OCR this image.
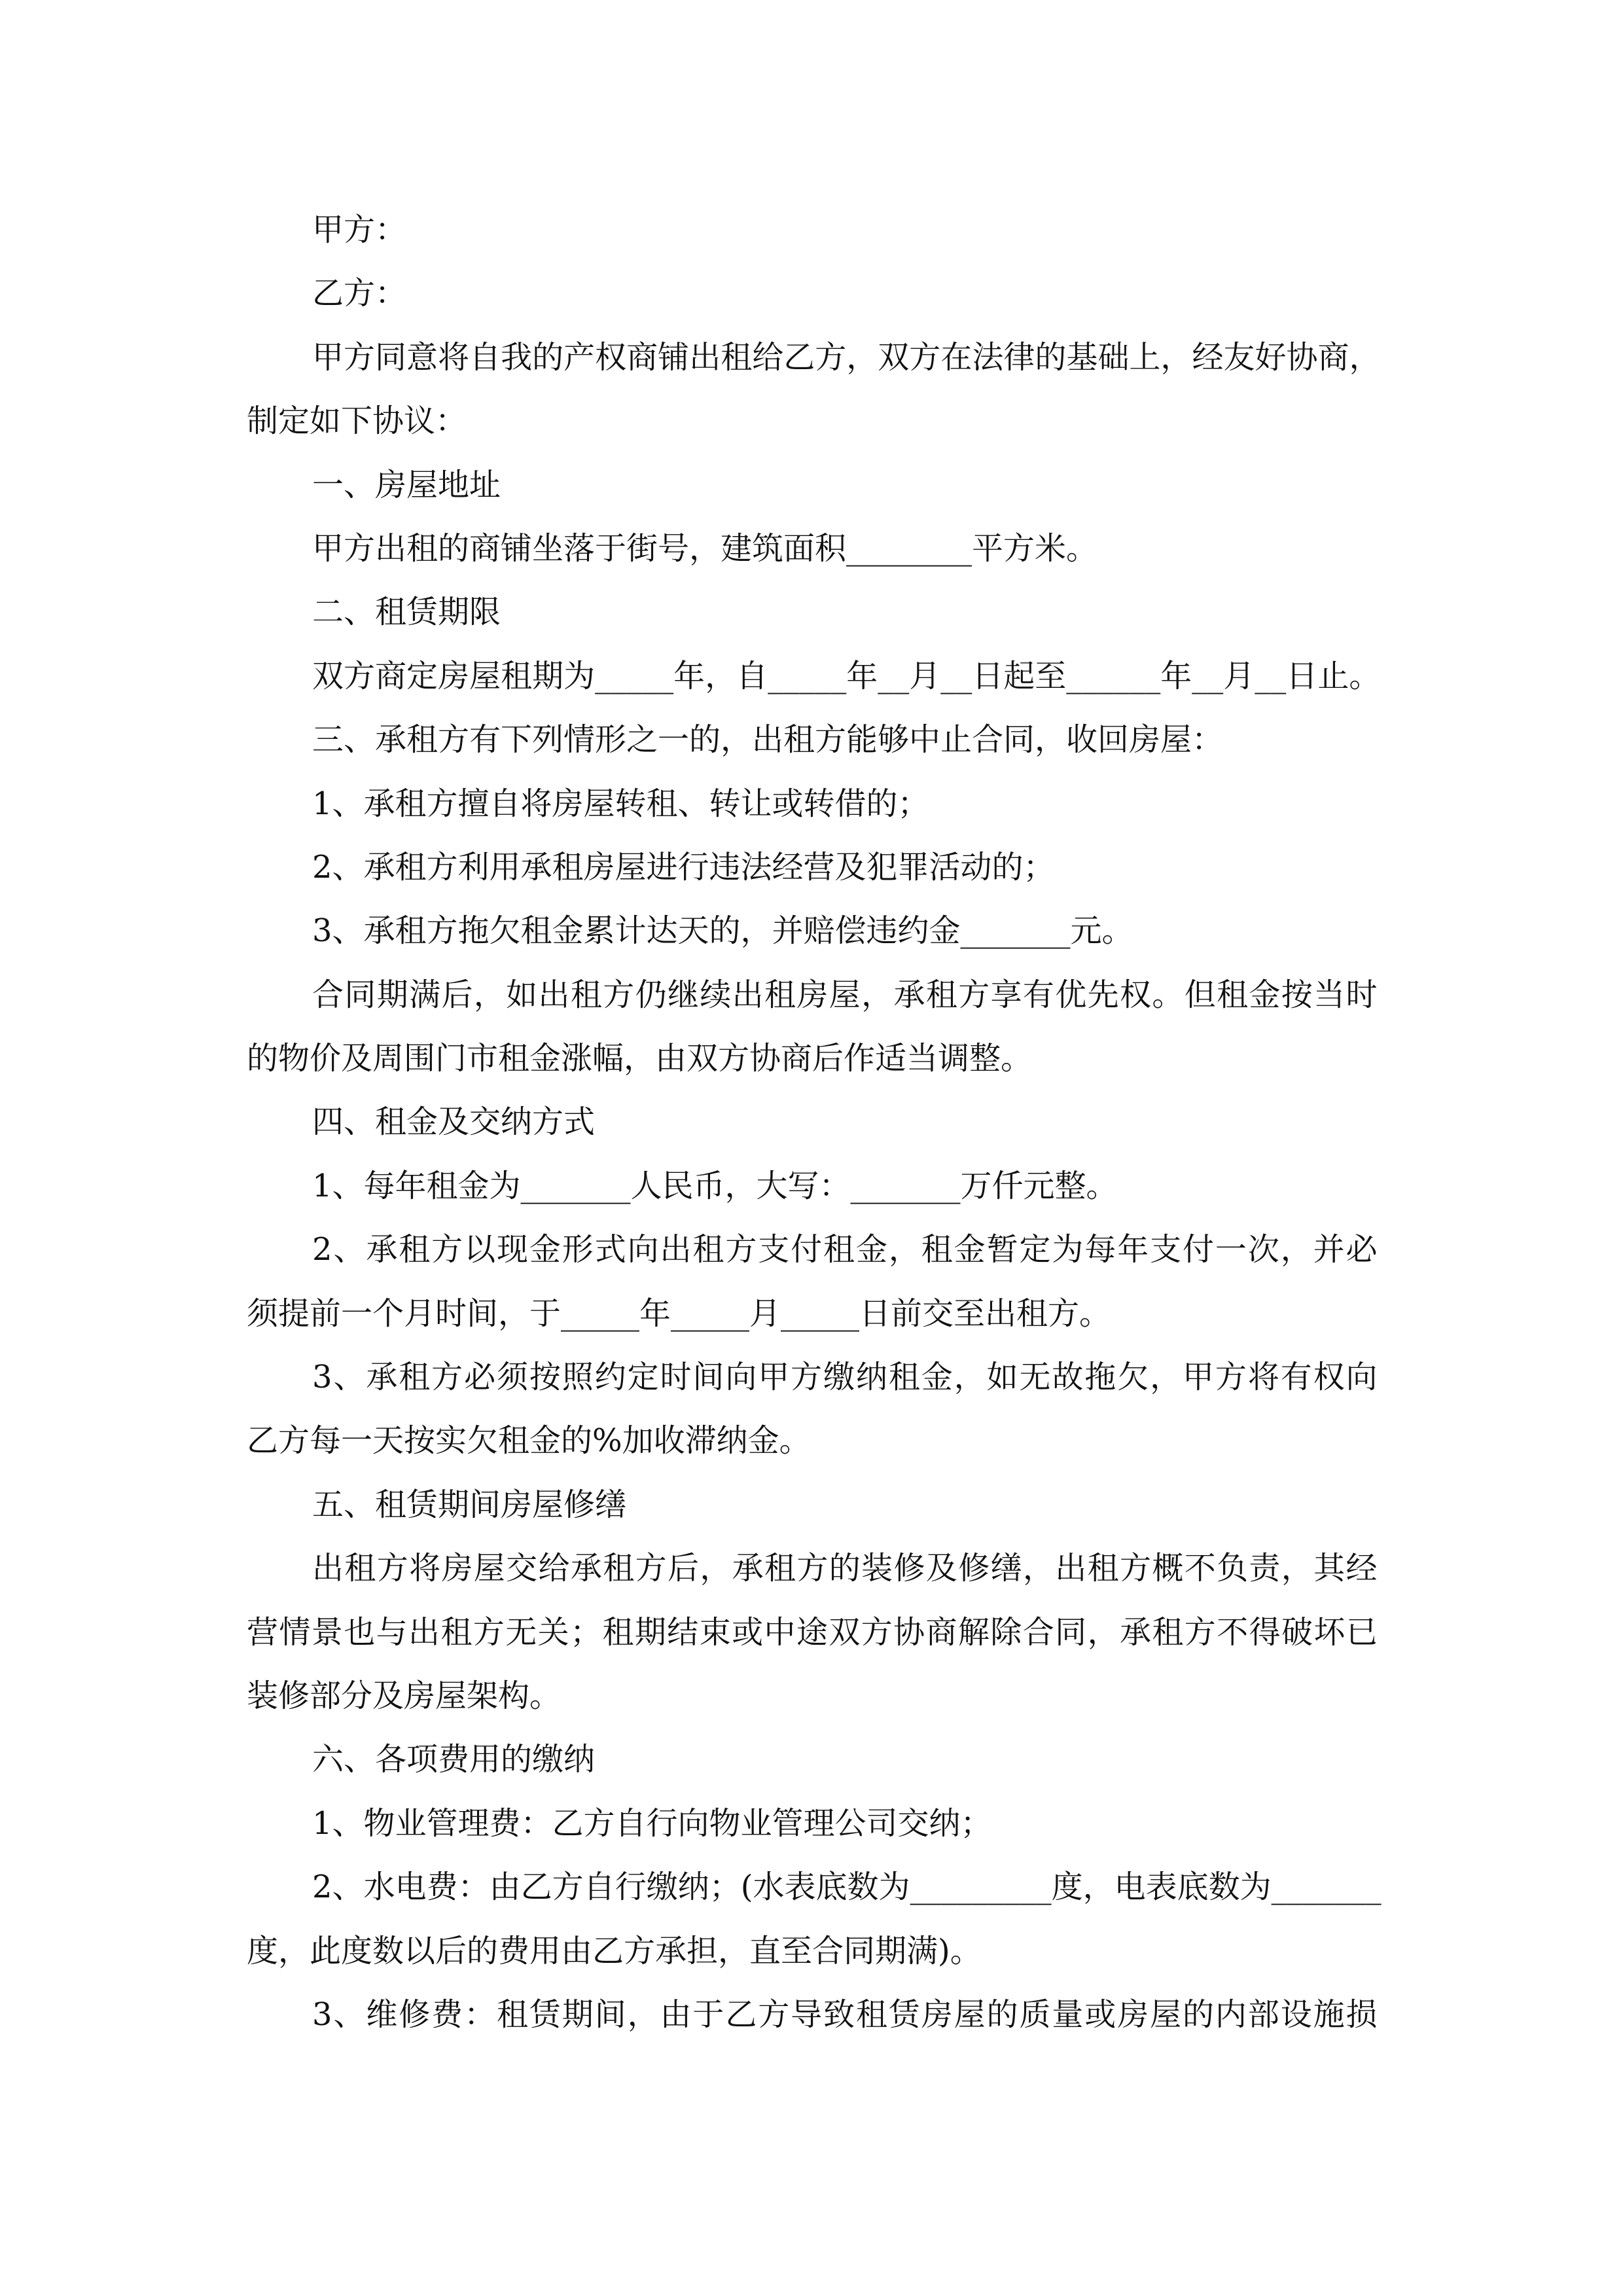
甲方：
乙方：
甲 方 同 意 将 自 我 的 产 权 商 铺 出 租 给 乙 方 ， 双 方 在 法 律 的 基 础 上 ， 经 友 好 协 商 ，
制定如下协议：
一、房屋地址
甲方出租的商铺坐落于街号，建筑面积________平方米。
二、租赁期限
双 方 商 定 房 屋 租 期 为 _ _ _ _ _ 年 ， 自 _ _ _ _ _ 年 _ _ 月 _ _ 日 起 至 _ _ _ _ _ _ 年 _ _ 月 _ _ 日 止 。
三、承租方有下列情形之一的，出租方能够中止合同，收回房屋：
1、承租方擅自将房屋转租、转让或转借的；
2、承租方利用承租房屋进行违法经营及犯罪活动的；
3、承租方拖欠租金累计达天的，并赔偿违约金_______元。
合 同 期 满 后 ， 如 出 租 方 仍 继 续 出 租 房 屋 ， 承 租 方 享 有 优 先 权 。 但 租 金 按 当 时
的物价及周围门市租金涨幅，由双方协商后作适当调整。
四、租金及交纳方式
1、每年租金为_______人民币，大写：_______万仟元整。
2 、 承 租 方 以 现 金 形 式 向 出 租 方 支 付 租 金 ， 租 金 暂 定 为 每 年 支 付 一 次 ， 并 必
须提前一个月时间，于_____年_____月_____日前交至出租方。
3 、 承 租 方 必 须 按 照 约 定 时 间 向 甲 方 缴 纳 租 金 ， 如 无 故 拖 欠 ， 甲 方 将 有 权 向
乙方每一天按实欠租金的%加收滞纳金。
五、租赁期间房屋修缮
出 租 方 将 房 屋 交 给 承 租 方 后 ， 承 租 方 的 装 修 及 修 缮 ， 出 租 方 概 不 负 责 ， 其 经
营 情 景 也 与 出 租 方 无 关 ； 租 期 结 束 或 中 途 双 方 协 商 解 除 合 同 ， 承 租 方 不 得 破 坏 已
装修部分及房屋架构。
六、各项费用的缴纳
1、物业管理费：乙方自行向物业管理公司交纳；
2 、 水 电 费 ： 由 乙 方 自 行 缴 纳 ； ( 水 表 底 数 为 _ _ _ _ _ _ _ _ _ 度 ， 电 表 底 数 为 _ _ _ _ _ _ _
度，此度数以后的费用由乙方承担，直至合同期满)。
3 、 维 修 费 ： 租 赁 期 间 ， 由 于 乙 方 导 致 租 赁 房 屋 的 质 量 或 房 屋 的 内 部 设 施 损
